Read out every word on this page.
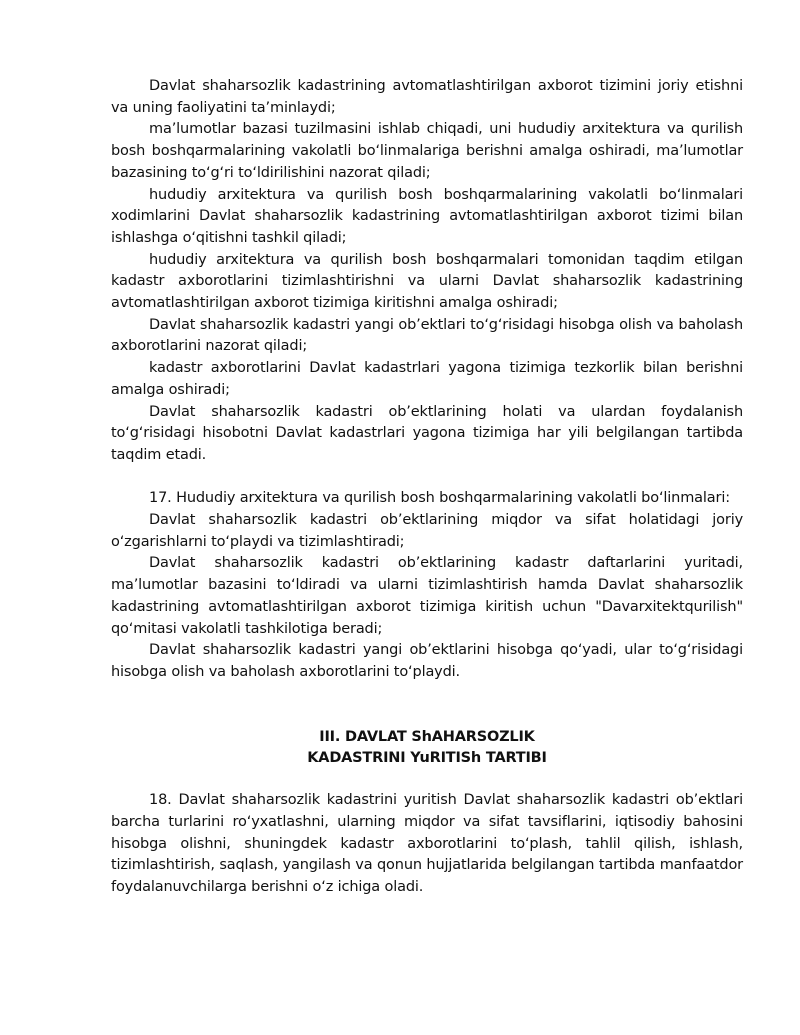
Davlat shaharsozlik kadastrining avtomatlashtirilgan axborot tizimini joriy etishni va uning faoliyatini ta’minlaydi;

ma’lumotlar bazasi tuzilmasini ishlab chiqadi, uni hududiy arxitektura va qurilish bosh boshqarmalarining vakolatli bo‘linmalariga berishni amalga oshiradi, ma’lumotlar bazasining to‘g‘ri to‘ldirilishini nazorat qiladi;

hududiy arxitektura va qurilish bosh boshqarmalarining vakolatli bo‘linmalari xodimlarini Davlat shaharsozlik kadastrining avtomatlashtirilgan axborot tizimi bilan ishlashga o‘qitishni tashkil qiladi;

hududiy arxitektura va qurilish bosh boshqarmalari tomonidan taqdim etilgan kadastr axborotlarini tizimlashtirishni va ularni Davlat shaharsozlik kadastrining avtomatlashtirilgan axborot tizimiga kiritishni amalga oshiradi;

Davlat shaharsozlik kadastri yangi ob’ektlari to‘g‘risidagi hisobga olish va baholash axborotlarini nazorat qiladi;

kadastr axborotlarini Davlat kadastrlari yagona tizimiga tezkorlik bilan berishni amalga oshiradi;

Davlat shaharsozlik kadastri ob’ektlarining holati va ulardan foydalanish to‘g‘risidagi hisobotni Davlat kadastrlari yagona tizimiga har yili belgilangan tartibda taqdim etadi.

17. Hududiy arxitektura va qurilish bosh boshqarmalarining vakolatli bo‘linmalari:

Davlat shaharsozlik kadastri ob’ektlarining miqdor va sifat holatidagi joriy o‘zgarishlarni to‘playdi va tizimlashtiradi;

Davlat shaharsozlik kadastri ob’ektlarining kadastr daftarlarini yuritadi, ma’lumotlar bazasini to‘ldiradi va ularni tizimlashtirish hamda Davlat shaharsozlik kadastrining avtomatlashtirilgan axborot tizimiga kiritish uchun "Davarxitektqurilish" qo‘mitasi vakolatli tashkilotiga beradi;

Davlat shaharsozlik kadastri yangi ob’ektlarini hisobga qo‘yadi, ular to‘g‘risidagi hisobga olish va baholash axborotlarini to‘playdi.

III. DAVLAT ShAHARSOZLIK

KADASTRINI YuRITISh TARTIBI

18. Davlat shaharsozlik kadastrini yuritish Davlat shaharsozlik kadastri ob’ektlari barcha turlarini ro‘yxatlashni, ularning miqdor va sifat tavsiflarini, iqtisodiy bahosini hisobga olishni, shuningdek kadastr axborotlarini to‘plash, tahlil qilish, ishlash, tizimlashtirish, saqlash, yangilash va qonun hujjatlarida belgilangan tartibda manfaatdor foydalanuvchilarga berishni o‘z ichiga oladi.
